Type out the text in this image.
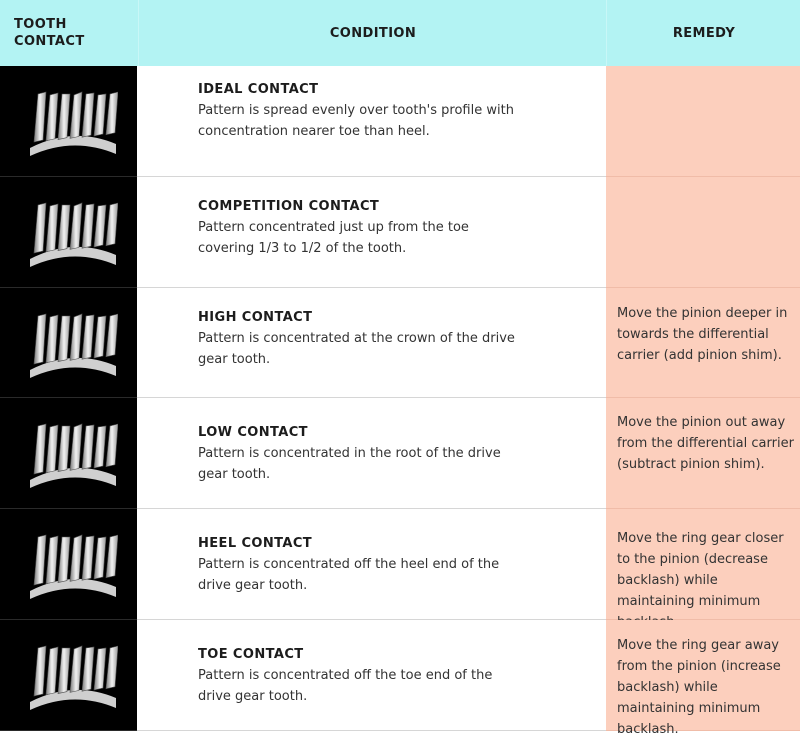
TOOTH
CONTACT
CONDITION	REMEDY
IDEAL CONTACT
Pattern is spread evenly over tooth's profile with concentration nearer toe than heel.
COMPETITION CONTACT
Pattern concentrated just up from the toe covering 1/3 to 1/2 of the tooth.
HIGH CONTACT
Pattern is concentrated at the crown of the drive gear tooth.
Move the pinion deeper in towards the differential carrier (add pinion shim).
LOW CONTACT
Pattern is concentrated in the root of the drive gear tooth.
Move the pinion out away from the differential carrier (subtract pinion shim).
HEEL CONTACT
Pattern is concentrated off the heel end of the drive gear tooth.
Move the ring gear closer to the pinion (decrease backlash) while maintaining minimum
TOE CONTACT
Pattern is concentrated off the toe end of the drive gear tooth.
Move the ring gear away from the pinion (increase backlash) while maintaining minimum backlash.
